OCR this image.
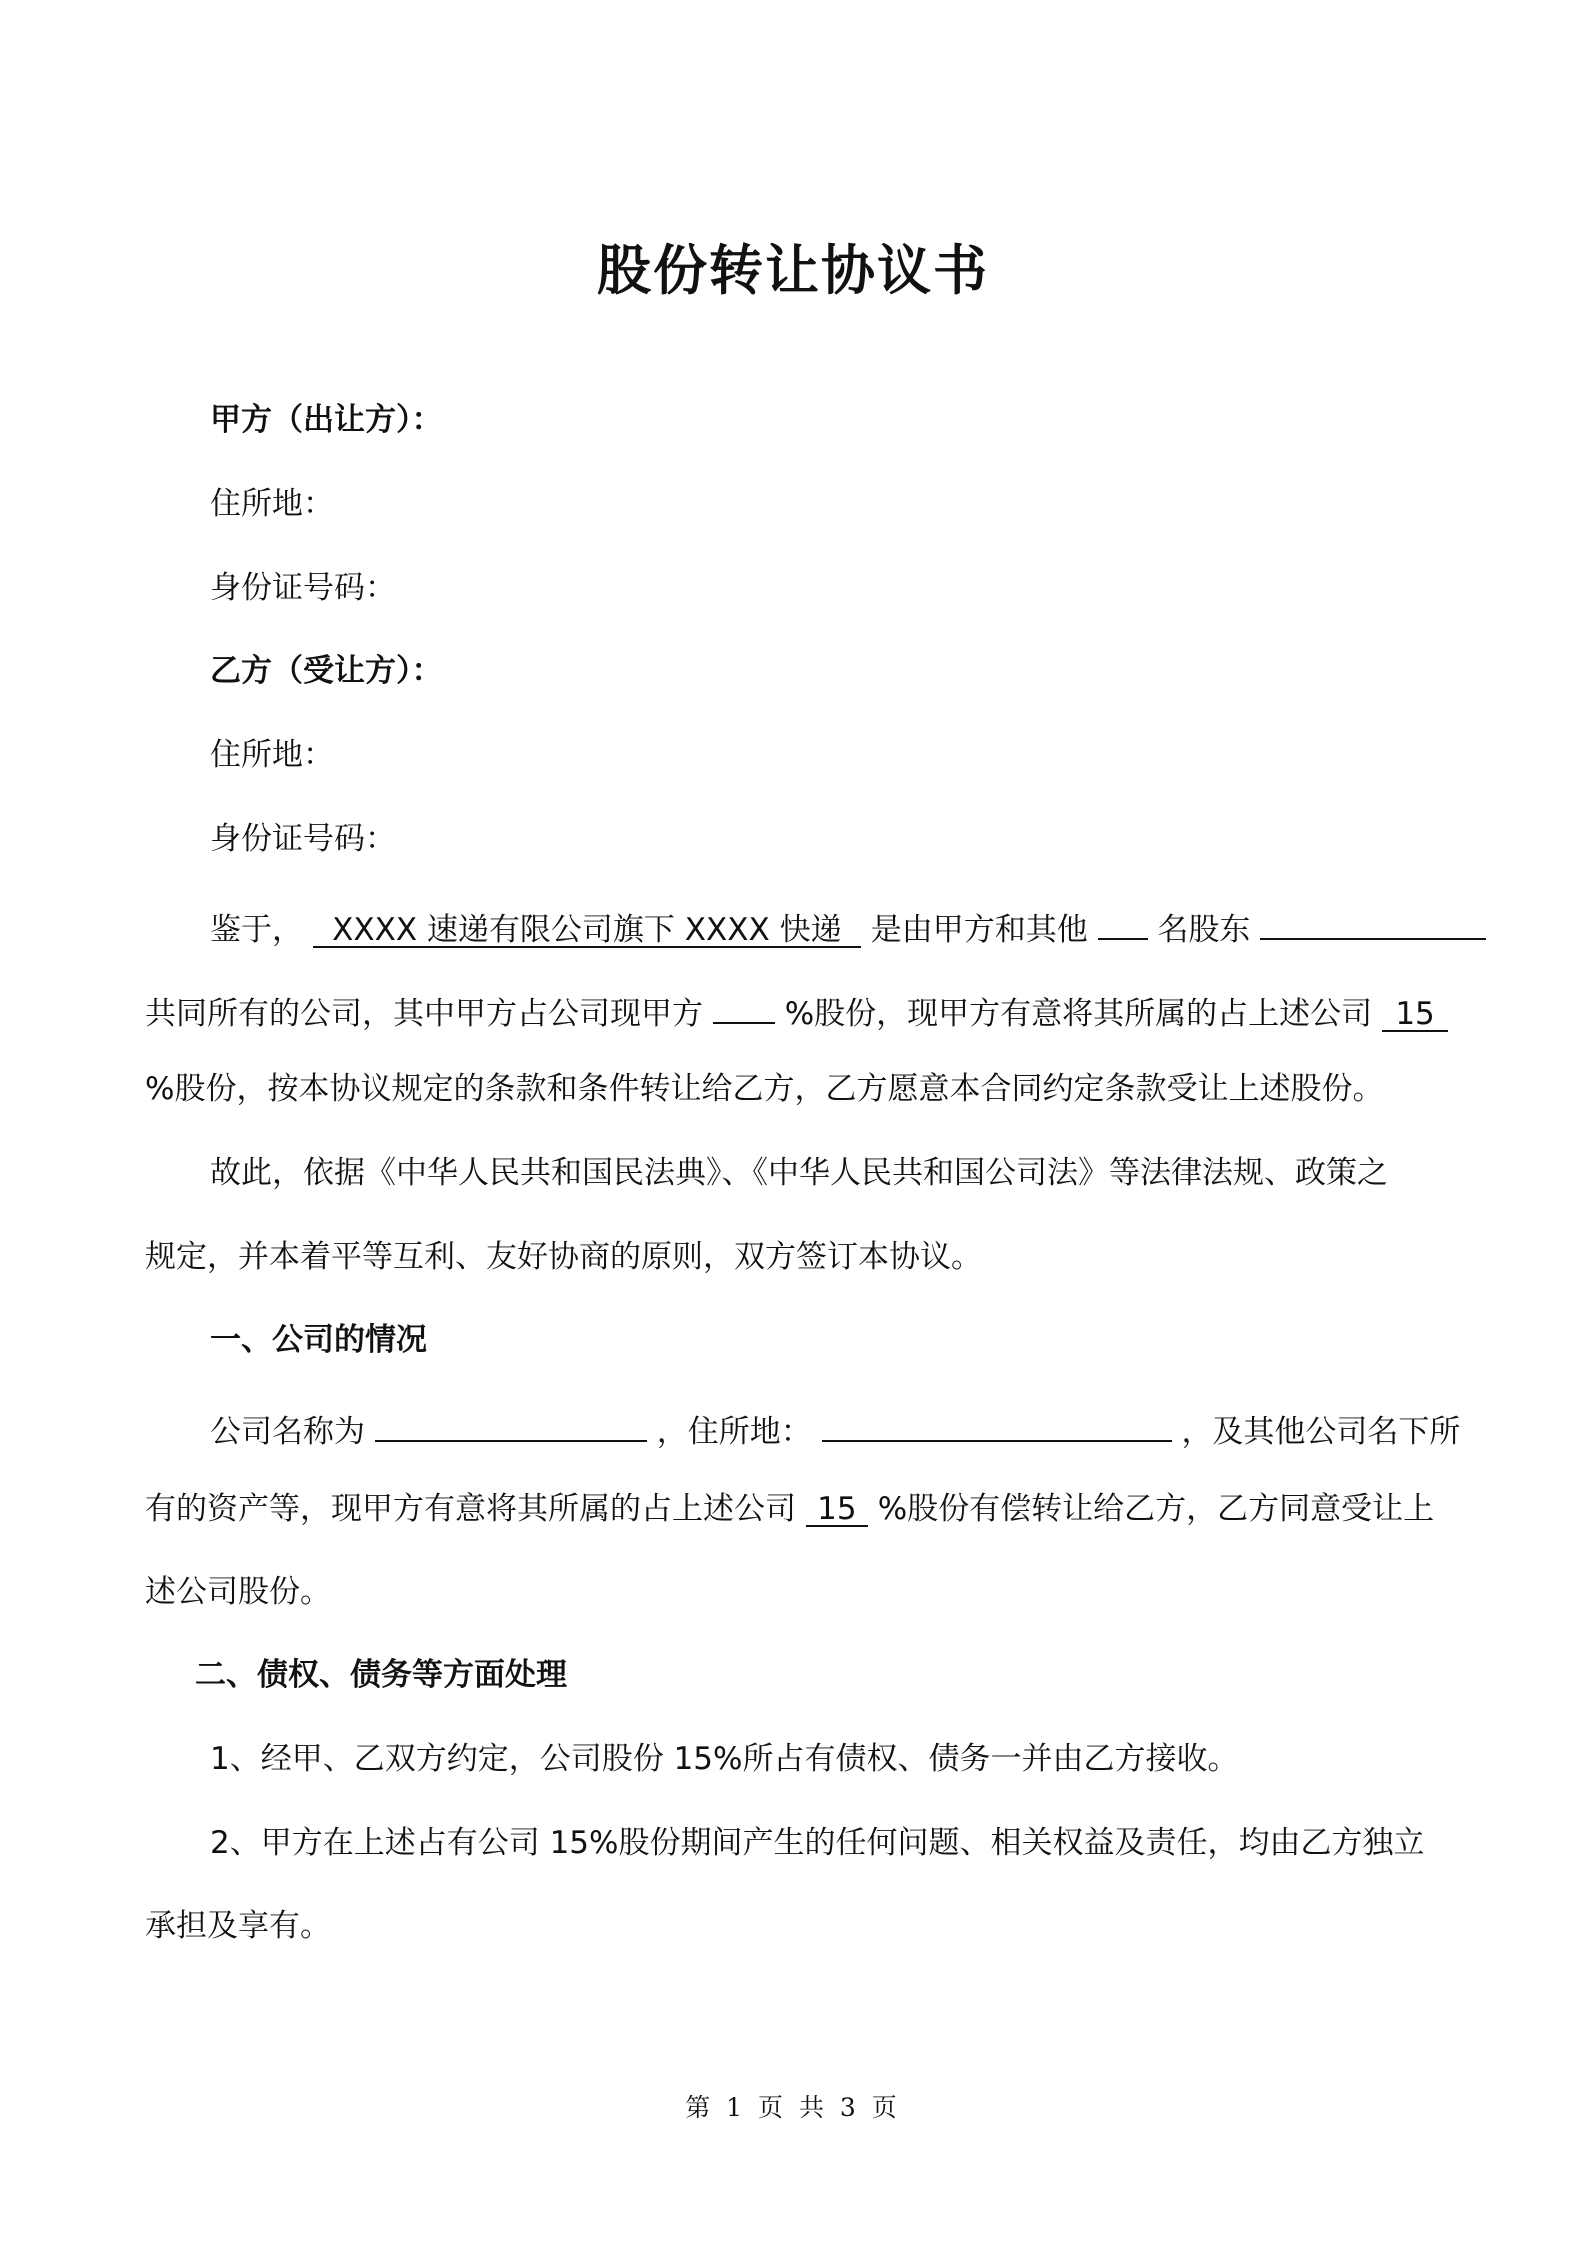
股份转让协议书
甲方（出让方）：
住所地：
身份证号码：
乙方（受让方）：
住所地：
身份证号码：
鉴于， XXXX 速递有限公司旗下 XXXX 快递 是由甲方和其他 名股东
共同所有的公司，其中甲方占公司现甲方	%股份，现甲方有意将其所属的占上述公司 15
%股份，按本协议规定的条款和条件转让给乙方，乙方愿意本合同约定条款受让上述股份。
故此，依据《中华人民共和国民法典》、《中华人民共和国公司法》等法律法规、政策之
规定，并本着平等互利、友好协商的原则，双方签订本协议。
一、公司的情况
公司名称为	，住所地：	，及其他公司名下所
有的资产等，现甲方有意将其所属的占上述公司 15 %股份有偿转让给乙方，乙方同意受让上
述公司股份。
二、债权、债务等方面处理
1、经甲、乙双方约定，公司股份 15%所占有债权、债务一并由乙方接收。
2、甲方在上述占有公司 15%股份期间产生的任何问题、相关权益及责任，均由乙方独立
承担及享有。
第 1 页 共 3 页
